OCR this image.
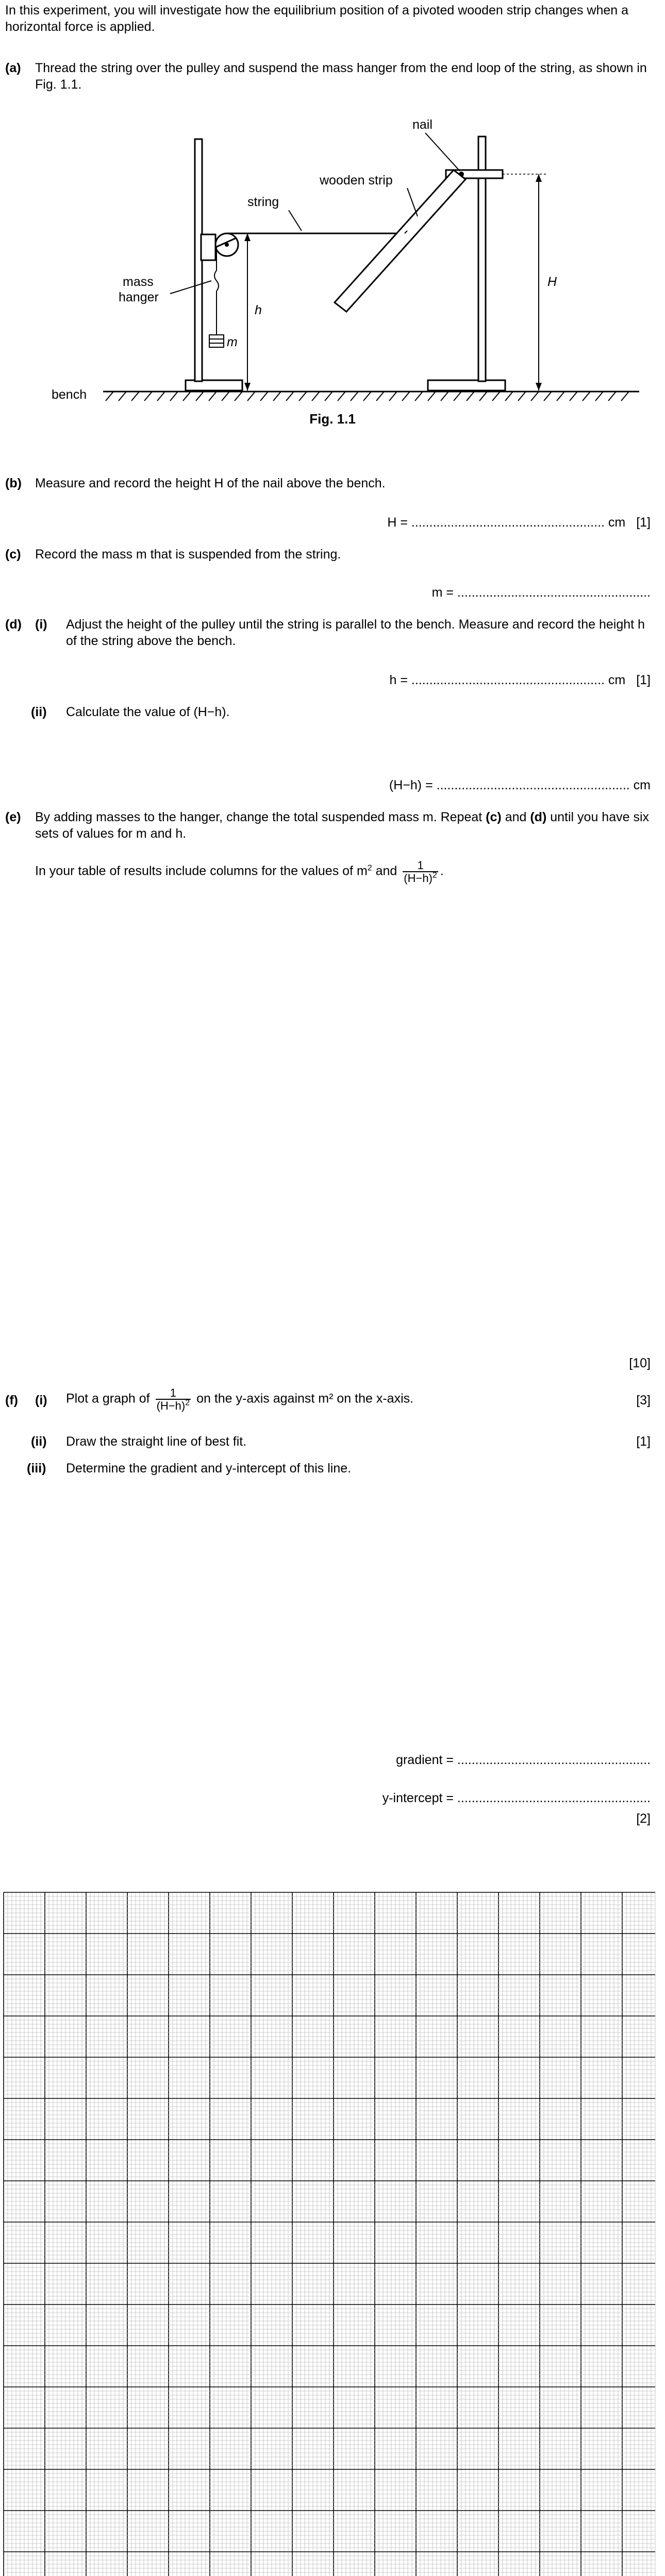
In this experiment, you will investigate how the equilibrium position of a pivoted wooden strip changes when a horizontal force is applied.
(a) Thread the string over the pulley and suspend the mass hanger from the end loop of the string, as shown in Fig. 1.1.
bench
m
h
string
mass
hanger
wooden strip
nail
H
Fig. 1.1
(b) Measure and record the height H of the nail above the bench.
H = ...................................................... cm [1]
(c) Record the mass m that is suspended from the string.
m = ......................................................
(d) (i) Adjust the height of the pulley until the string is parallel to the bench. Measure and record the height h of the string above the bench.
h = ...................................................... cm [1]
(ii) Calculate the value of (H−h).
(H−h) = ...................................................... cm
(e) By adding masses to the hanger, change the total suspended mass m. Repeat (c) and (d) until you have six sets of values for m and h.
In your table of results include columns for the values of $m^2$ and $\frac{1}{(H-h)^2}$ .
[10]
(f) (i) Plot a graph of $\frac{1}{(H-h)^2}$ on the y-axis against m² on the x-axis.	[3]
(ii) Draw the straight line of best fit.	[1]
(iii) Determine the gradient and y-intercept of this line.
gradient = ......................................................
y-intercept = ......................................................
[2]
